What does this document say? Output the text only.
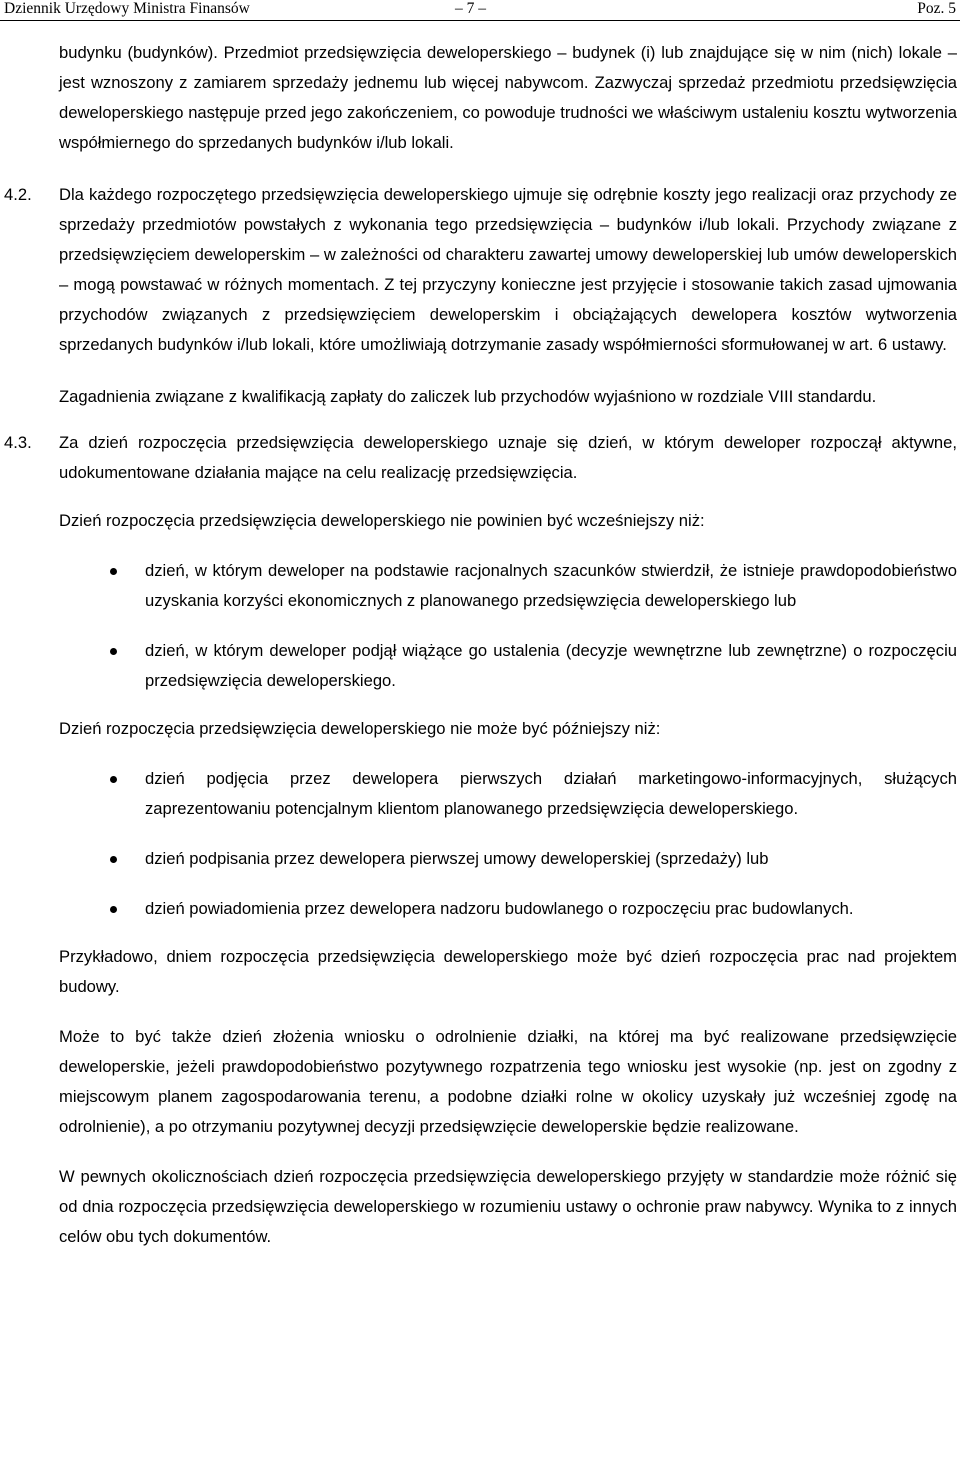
Dziennik Urzędowy Ministra Finansów	– 7 –	Poz. 5

budynku (budynków). Przedmiot przedsięwzięcia deweloperskiego – budynek (i) lub znajdujące się w nim (nich) lokale – jest wznoszony z zamiarem sprzedaży jednemu lub więcej nabywcom. Zazwyczaj sprzedaż przedmiotu przedsięwzięcia deweloperskiego następuje przed jego zakończeniem, co powoduje trudności we właściwym ustaleniu kosztu wytworzenia współmiernego do sprzedanych budynków i/lub lokali.

4.2. Dla każdego rozpoczętego przedsięwzięcia deweloperskiego ujmuje się odrębnie koszty jego realizacji oraz przychody ze sprzedaży przedmiotów powstałych z wykonania tego przedsięwzięcia – budynków i/lub lokali. Przychody związane z przedsięwzięciem deweloperskim – w zależności od charakteru zawartej umowy deweloperskiej lub umów deweloperskich – mogą powstawać w różnych momentach. Z tej przyczyny konieczne jest przyjęcie i stosowanie takich zasad ujmowania przychodów związanych z przedsięwzięciem deweloperskim i obciążających dewelopera kosztów wytworzenia sprzedanych budynków i/lub lokali, które umożliwiają dotrzymanie zasady współmierności sformułowanej w art. 6 ustawy.

Zagadnienia związane z kwalifikacją zapłaty do zaliczek lub przychodów wyjaśniono w rozdziale VIII standardu.

4.3. Za dzień rozpoczęcia przedsięwzięcia deweloperskiego uznaje się dzień, w którym deweloper rozpoczął aktywne, udokumentowane działania mające na celu realizację przedsięwzięcia.

Dzień rozpoczęcia przedsięwzięcia deweloperskiego nie powinien być wcześniejszy niż:

dzień, w którym deweloper na podstawie racjonalnych szacunków stwierdził, że istnieje prawdopodobieństwo uzyskania korzyści ekonomicznych z planowanego przedsięwzięcia deweloperskiego lub

dzień, w którym deweloper podjął wiążące go ustalenia (decyzje wewnętrzne lub zewnętrzne) o rozpoczęciu przedsięwzięcia deweloperskiego.

Dzień rozpoczęcia przedsięwzięcia deweloperskiego nie może być późniejszy niż:

dzień podjęcia przez dewelopera pierwszych działań marketingowo-informacyjnych, służących zaprezentowaniu potencjalnym klientom planowanego przedsięwzięcia deweloperskiego.

dzień podpisania przez dewelopera pierwszej umowy deweloperskiej (sprzedaży) lub

dzień powiadomienia przez dewelopera nadzoru budowlanego o rozpoczęciu prac budowlanych.

Przykładowo, dniem rozpoczęcia przedsięwzięcia deweloperskiego może być dzień rozpoczęcia prac nad projektem budowy.

Może to być także dzień złożenia wniosku o odrolnienie działki, na której ma być realizowane przedsięwzięcie deweloperskie, jeżeli prawdopodobieństwo pozytywnego rozpatrzenia tego wniosku jest wysokie (np. jest on zgodny z miejscowym planem zagospodarowania terenu, a podobne działki rolne w okolicy uzyskały już wcześniej zgodę na odrolnienie), a po otrzymaniu pozytywnej decyzji przedsięwzięcie deweloperskie będzie realizowane.

W pewnych okolicznościach dzień rozpoczęcia przedsięwzięcia deweloperskiego przyjęty w standardzie może różnić się od dnia rozpoczęcia przedsięwzięcia deweloperskiego w rozumieniu ustawy o ochronie praw nabywcy. Wynika to z innych celów obu tych dokumentów.
